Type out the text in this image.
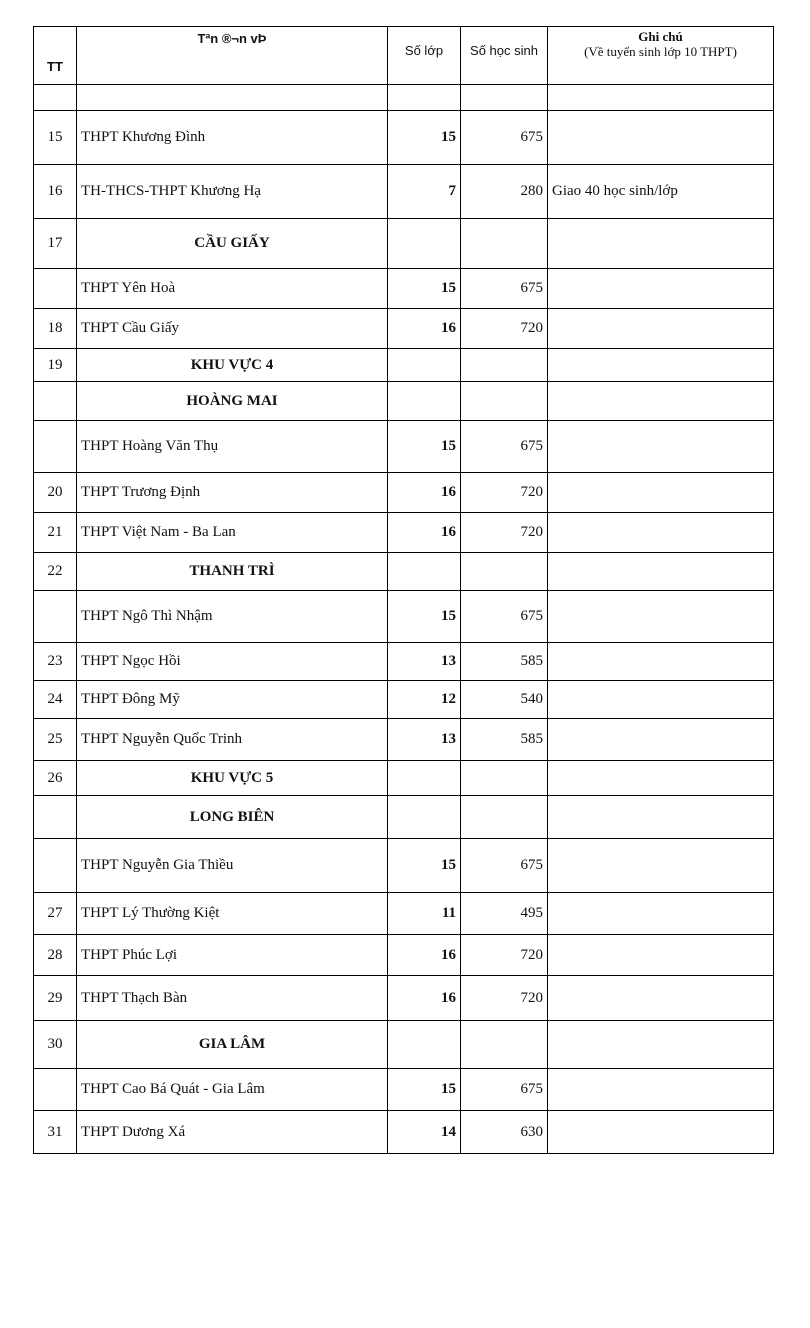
TT	Tªn ®¬n vÞ	Số lớp	Số học sinh	Ghi chú
(Về tuyển sinh lớp 10 THPT)

15	THPT Khương Đình	15	675	
16	TH-THCS-THPT Khương Hạ	7	280	Giao 40 học sinh/lớp
17	CẦU GIẤY			
	THPT Yên Hoà	15	675	
18	THPT Cầu Giấy	16	720	
19	KHU VỰC 4			
	HOÀNG MAI			
	THPT Hoàng Văn Thụ	15	675	
20	THPT Trương Định	16	720	
21	THPT Việt Nam - Ba Lan	16	720	
22	THANH TRÌ			
	THPT Ngô Thì Nhậm	15	675	
23	THPT Ngọc Hồi	13	585	
24	THPT Đông Mỹ	12	540	
25	THPT Nguyễn Quốc Trinh	13	585	
26	KHU VỰC 5			
	LONG BIÊN			
	THPT Nguyễn Gia Thiều	15	675	
27	THPT Lý Thường Kiệt	11	495	
28	THPT Phúc Lợi	16	720	
29	THPT Thạch Bàn	16	720	
30	GIA LÂM			
	THPT Cao Bá Quát - Gia Lâm	15	675	
31	THPT Dương Xá	14	630	
